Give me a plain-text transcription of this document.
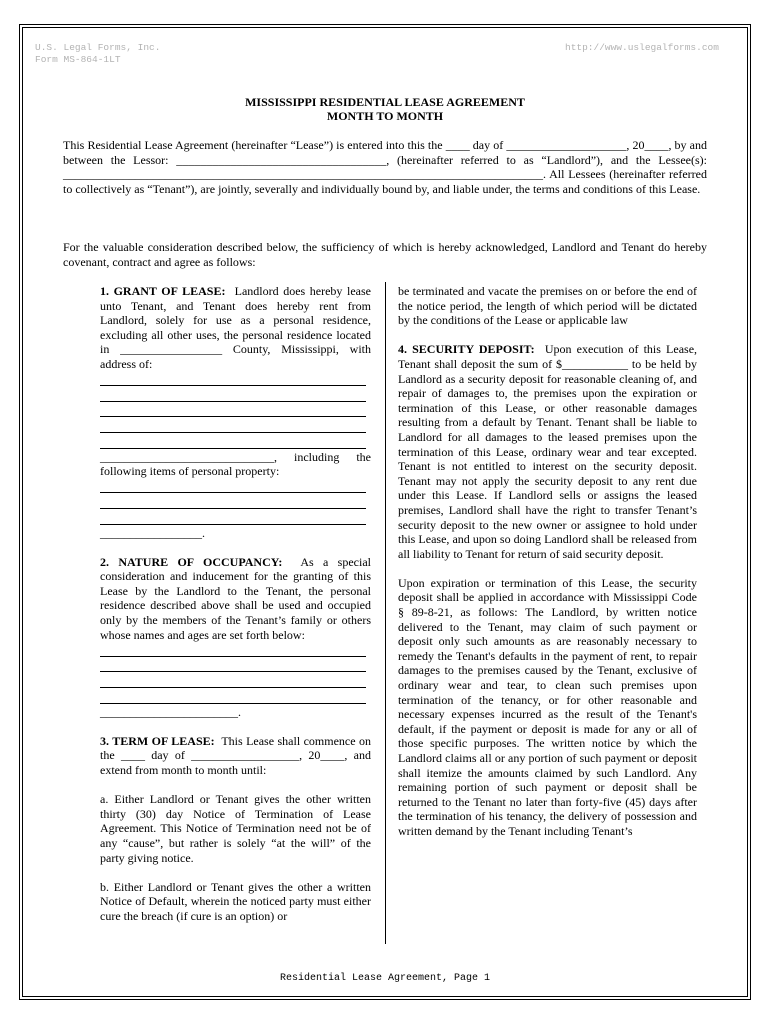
U.S. Legal Forms, Inc.
Form MS-864-1LT
http://www.uslegalforms.com
MISSISSIPPI RESIDENTIAL LEASE AGREEMENT
MONTH TO MONTH
This Residential Lease Agreement (hereinafter “Lease”) is entered into this the ____ day of ____________________, 20____, by and between the Lessor: ___________________________________, (hereinafter referred to as “Landlord”), and the Lessee(s): ________________________________________________________________________________. All Lessees (hereinafter referred to collectively as “Tenant”), are jointly, severally and individually bound by, and liable under, the terms and conditions of this Lease.
For the valuable consideration described below, the sufficiency of which is hereby acknowledged, Landlord and Tenant do hereby covenant, contract and agree as follows:

1. GRANT OF LEASE: Landlord does hereby lease unto Tenant, and Tenant does hereby rent from Landlord, solely for use as a personal residence, excluding all other uses, the personal residence located in _________________ County, Mississippi, with address of:

_____________________________, including the following items of personal property:

_________________.

2. NATURE OF OCCUPANCY: As a special consideration and inducement for the granting of this Lease by the Landlord to the Tenant, the personal residence described above shall be used and occupied only by the members of the Tenant’s family or others whose names and ages are set forth below:

_______________________.

3. TERM OF LEASE: This Lease shall commence on the ____ day of __________________, 20____, and extend from month to month until:

a. Either Landlord or Tenant gives the other written thirty (30) day Notice of Termination of Lease Agreement. This Notice of Termination need not be of any “cause”, but rather is solely “at the will” of the party giving notice.

b. Either Landlord or Tenant gives the other a written Notice of Default, wherein the noticed party must either cure the breach (if cure is an option) or

be terminated and vacate the premises on or before the end of the notice period, the length of which period will be dictated by the conditions of the Lease or applicable law

4. SECURITY DEPOSIT: Upon execution of this Lease, Tenant shall deposit the sum of $___________ to be held by Landlord as a security deposit for reasonable cleaning of, and repair of damages to, the premises upon the expiration or termination of this Lease, or other reasonable damages resulting from a default by Tenant. Tenant shall be liable to Landlord for all damages to the leased premises upon the termination of this Lease, ordinary wear and tear excepted. Tenant is not entitled to interest on the security deposit. Tenant may not apply the security deposit to any rent due under this Lease. If Landlord sells or assigns the leased premises, Landlord shall have the right to transfer Tenant’s security deposit to the new owner or assignee to hold under this Lease, and upon so doing Landlord shall be released from all liability to Tenant for return of said security deposit.

Upon expiration or termination of this Lease, the security deposit shall be applied in accordance with Mississippi Code § 89-8-21, as follows: The Landlord, by written notice delivered to the Tenant, may claim of such payment or deposit only such amounts as are reasonably necessary to remedy the Tenant's defaults in the payment of rent, to repair damages to the premises caused by the Tenant, exclusive of ordinary wear and tear, to clean such premises upon termination of the tenancy, or for other reasonable and necessary expenses incurred as the result of the Tenant's default, if the payment or deposit is made for any or all of those specific purposes. The written notice by which the Landlord claims all or any portion of such payment or deposit shall itemize the amounts claimed by such Landlord. Any remaining portion of such payment or deposit shall be returned to the Tenant no later than forty-five (45) days after the termination of his tenancy, the delivery of possession and written demand by the Tenant including Tenant’s

Residential Lease Agreement, Page 1
